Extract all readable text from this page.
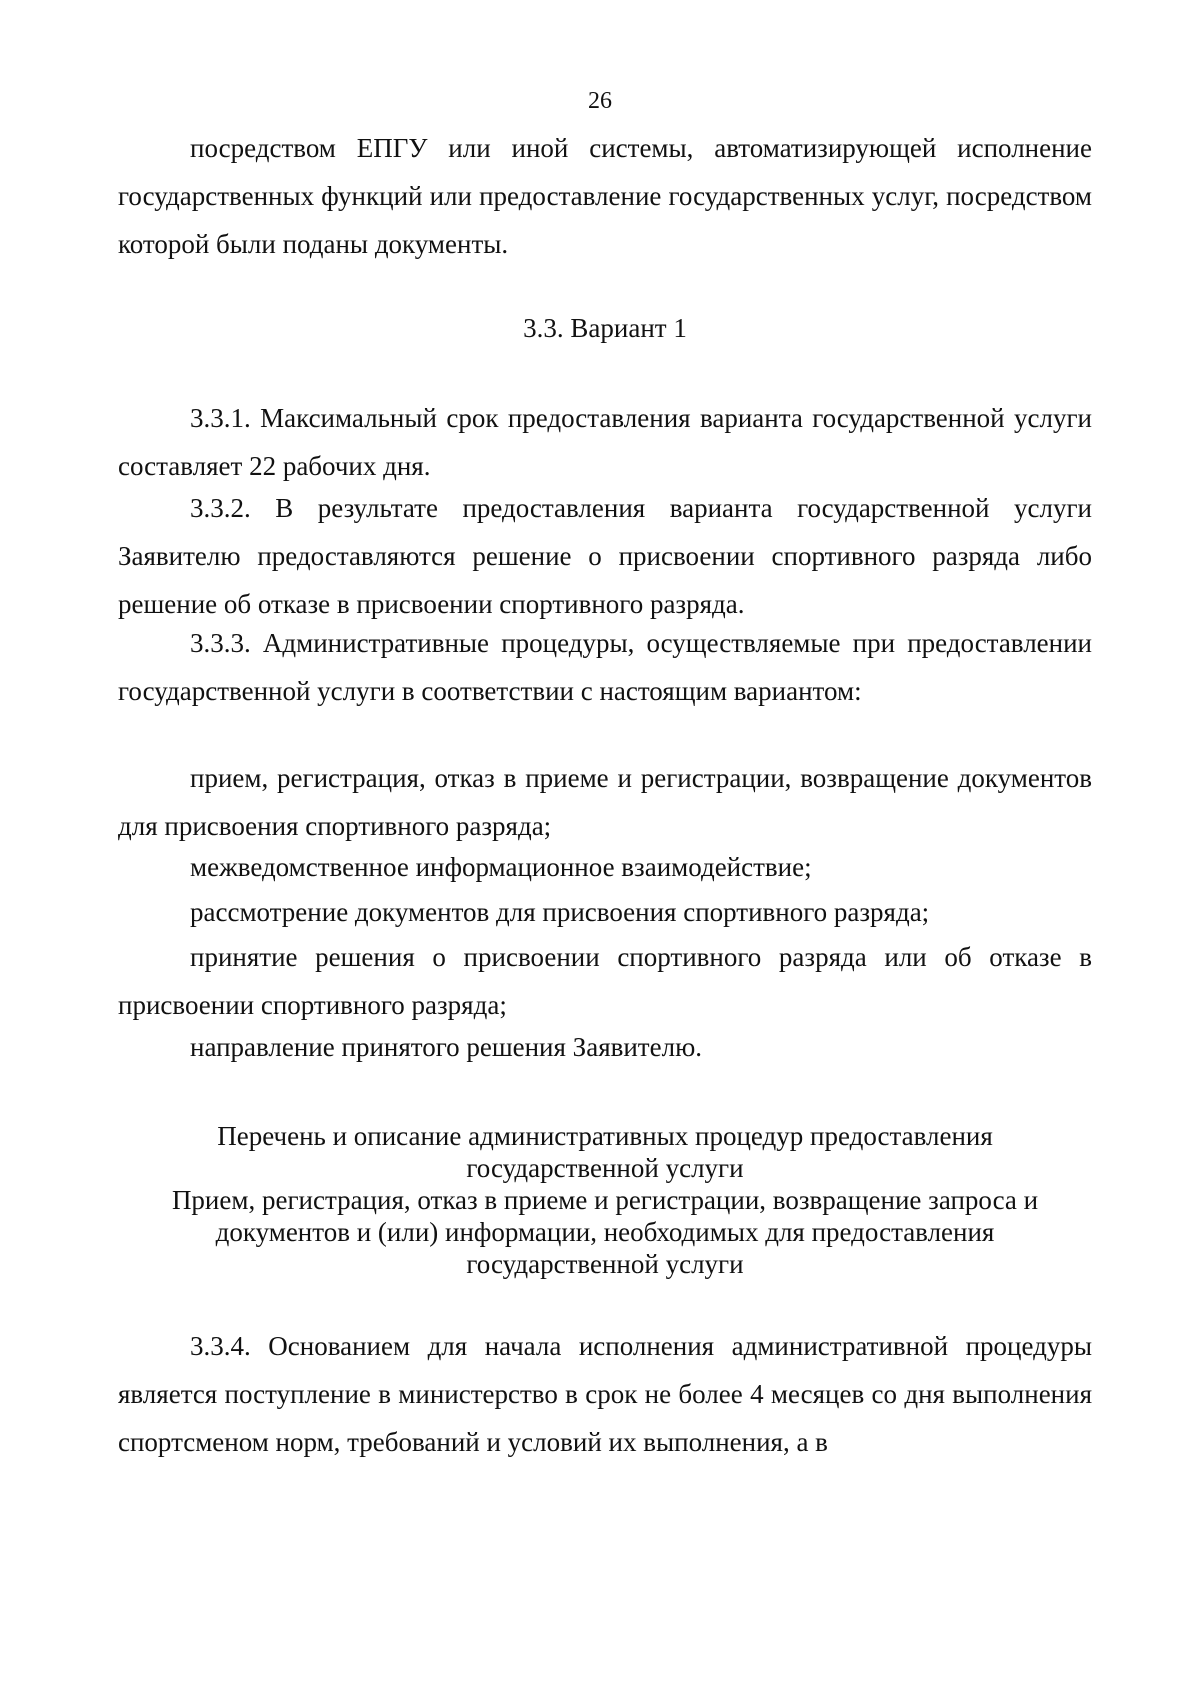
26

посредством ЕПГУ или иной системы, автоматизирующей исполнение государственных функций или предоставление государственных услуг, посредством которой были поданы документы.

3.3. Вариант 1

3.3.1. Максимальный срок предоставления варианта государственной услуги составляет 22 рабочих дня.

3.3.2. В результате предоставления варианта государственной услуги Заявителю предоставляются решение о присвоении спортивного разряда либо решение об отказе в присвоении спортивного разряда.

3.3.3. Административные процедуры, осуществляемые при предоставлении государственной услуги в соответствии с настоящим вариантом:

прием, регистрация, отказ в приеме и регистрации, возвращение документов для присвоения спортивного разряда;

межведомственное информационное взаимодействие;

рассмотрение документов для присвоения спортивного разряда;

принятие решения о присвоении спортивного разряда или об отказе в присвоении спортивного разряда;

направление принятого решения Заявителю.

Перечень и описание административных процедур предоставления
государственной услуги
Прием, регистрация, отказ в приеме и регистрации, возвращение запроса и
документов и (или) информации, необходимых для предоставления
государственной услуги

3.3.4. Основанием для начала исполнения административной процедуры является поступление в министерство в срок не более 4 месяцев со дня выполнения спортсменом норм, требований и условий их выполнения, а в
